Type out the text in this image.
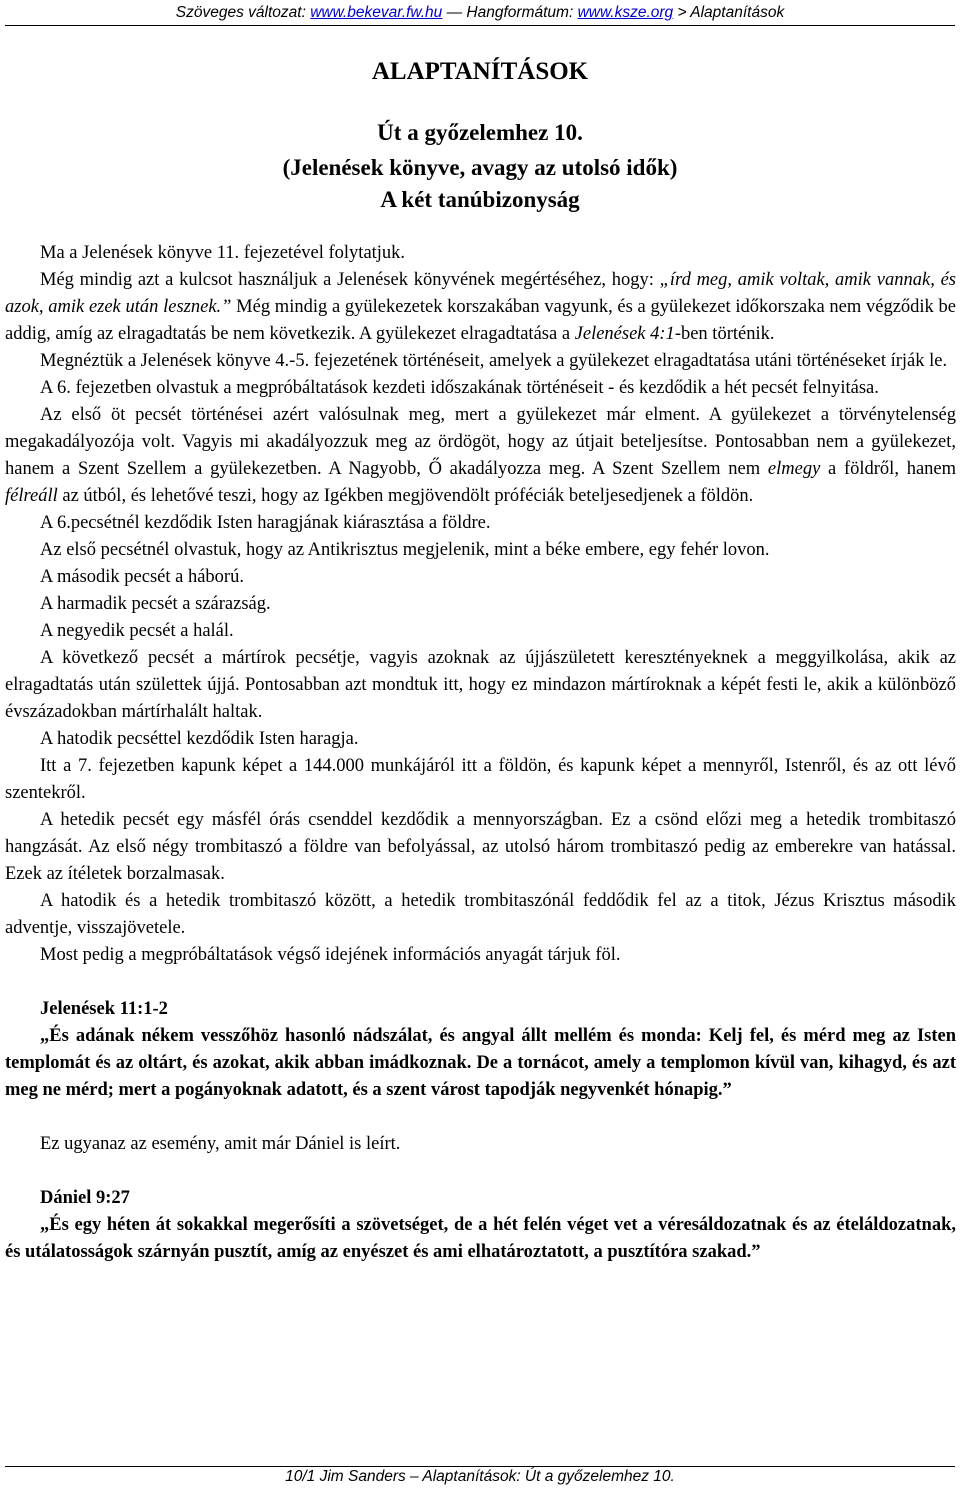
Szöveges változat: www.bekevar.fw.hu — Hangformátum: www.ksze.org > Alaptanítások
ALAPTANÍTÁSOK
Út a győzelemhez 10.
(Jelenések könyve, avagy az utolsó idők)
A két tanúbizonyság

Ma a Jelenések könyve 11. fejezetével folytatjuk.

Még mindig azt a kulcsot használjuk a Jelenések könyvének megértéséhez, hogy: „írd meg, amik voltak, amik vannak, és azok, amik ezek után lesznek.” Még mindig a gyülekezetek korszakában vagyunk, és a gyülekezet időkorszaka nem végződik be addig, amíg az elragadtatás be nem következik. A gyülekezet elragadtatása a Jelenések 4:1-ben történik.

Megnéztük a Jelenések könyve 4.-5. fejezetének történéseit, amelyek a gyülekezet elragadtatása utáni történéseket írják le.

A 6. fejezetben olvastuk a megpróbáltatások kezdeti időszakának történéseit - és kezdődik a hét pecsét felnyitása.

Az első öt pecsét történései azért valósulnak meg, mert a gyülekezet már elment. A gyülekezet a törvénytelenség megakadályozója volt. Vagyis mi akadályozzuk meg az ördögöt, hogy az útjait beteljesítse. Pontosabban nem a gyülekezet, hanem a Szent Szellem a gyülekezetben. A Nagyobb, Ő akadályozza meg. A Szent Szellem nem elmegy a földről, hanem félreáll az útból, és lehetővé teszi, hogy az Igékben megjövendölt próféciák beteljesedjenek a földön.

A 6.pecsétnél kezdődik Isten haragjának kiárasztása a földre.

Az első pecsétnél olvastuk, hogy az Antikrisztus megjelenik, mint a béke embere, egy fehér lovon.

A második pecsét a háború.

A harmadik pecsét a szárazság.

A negyedik pecsét a halál.

A következő pecsét a mártírok pecsétje, vagyis azoknak az újjászületett keresztényeknek a meggyilkolása, akik az elragadtatás után születtek újjá. Pontosabban azt mondtuk itt, hogy ez mindazon mártíroknak a képét festi le, akik a különböző évszázadokban mártírhalált haltak.

A hatodik pecséttel kezdődik Isten haragja.

Itt a 7. fejezetben kapunk képet a 144.000 munkájáról itt a földön, és kapunk képet a mennyről, Istenről, és az ott lévő szentekről.

A hetedik pecsét egy másfél órás csenddel kezdődik a mennyországban. Ez a csönd előzi meg a hetedik trombitaszó hangzását. Az első négy trombitaszó a földre van befolyással, az utolsó három trombitaszó pedig az emberekre van hatással. Ezek az ítéletek borzalmasak.

A hatodik és a hetedik trombitaszó között, a hetedik trombitaszónál feddődik fel az a titok, Jézus Krisztus második adventje, visszajövetele.

Most pedig a megpróbáltatások végső idejének információs anyagát tárjuk föl.

Jelenések 11:1-2

„És adának nékem vesszőhöz hasonló nádszálat, és angyal állt mellém és monda: Kelj fel, és mérd meg az Isten templomát és az oltárt, és azokat, akik abban imádkoznak. De a tornácot, amely a templomon kívül van, kihagyd, és azt meg ne mérd; mert a pogányoknak adatott, és a szent várost tapodják negyvenkét hónapig.”

Ez ugyanaz az esemény, amit már Dániel is leírt.

Dániel 9:27

„És egy héten át sokakkal megerősíti a szövetséget, de a hét felén véget vet a véresáldozatnak és az ételáldozatnak, és utálatosságok szárnyán pusztít, amíg az enyészet és ami elhatároztatott, a pusztítóra szakad.”

10/1 Jim Sanders – Alaptanítások: Út a győzelemhez 10.
